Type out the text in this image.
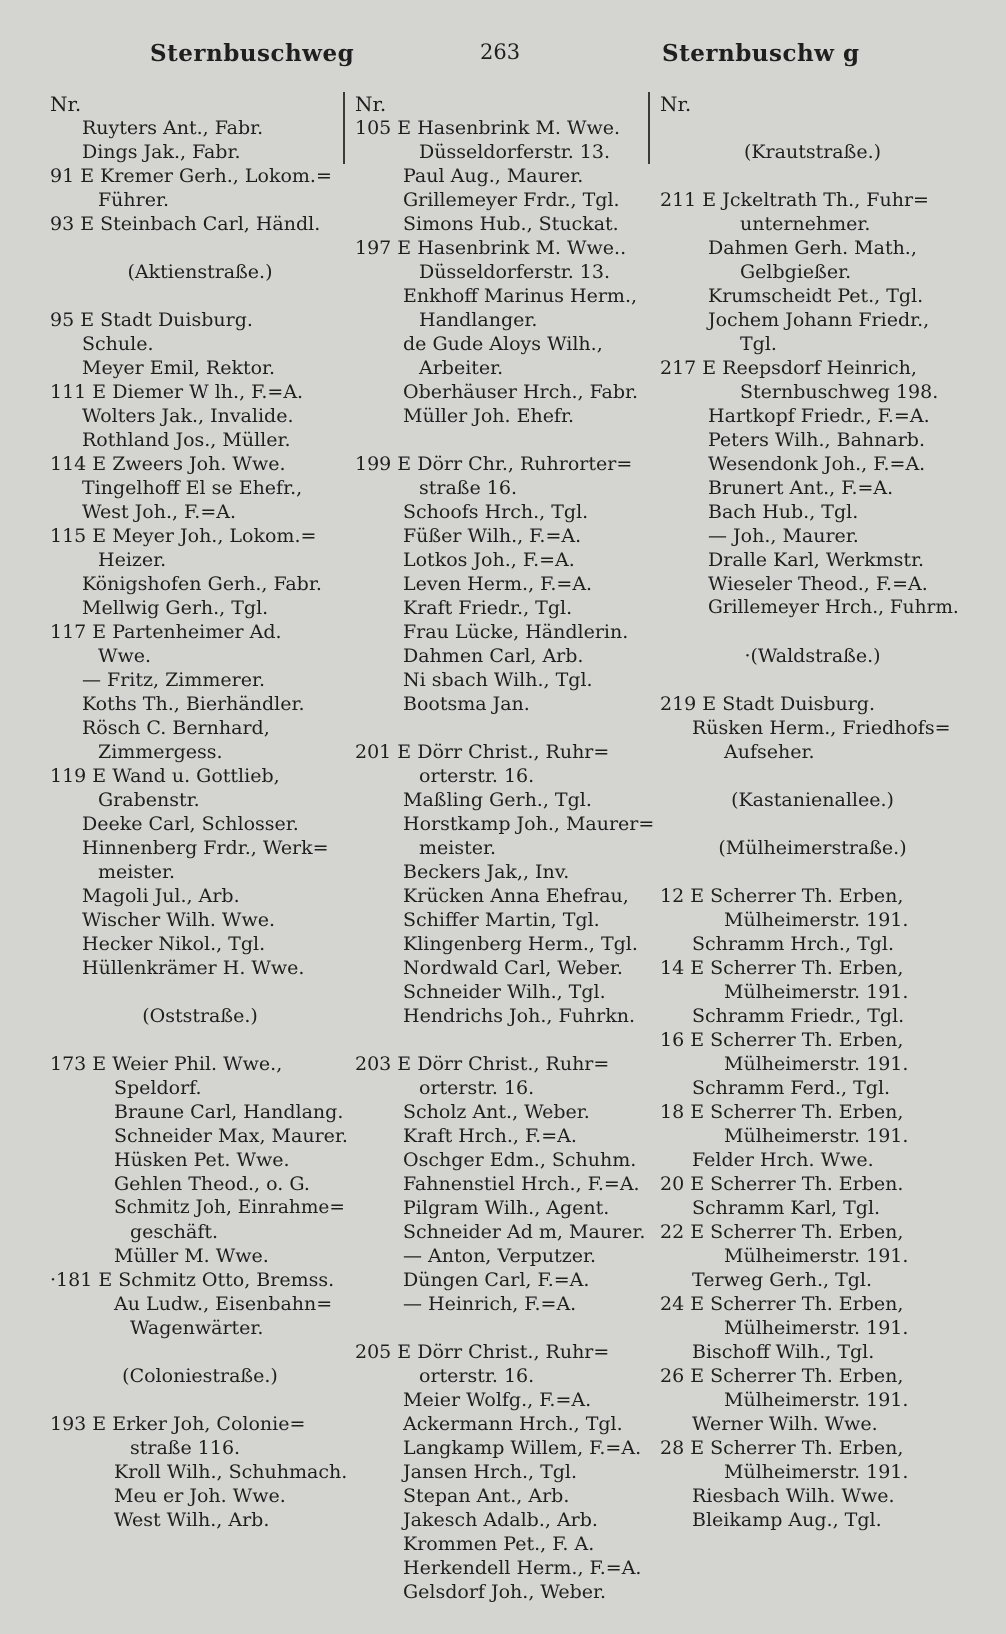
Sternbuschweg	263	Sternbuschw g
Nr.
Ruyters Ant., Fabr.
Dings Jak., Fabr.
91 E Kremer Gerh., Lokom.=
Führer.
93 E Steinbach Carl, Händl.
(Aktienstraße.)
95 E Stadt Duisburg.
Schule.
Meyer Emil, Rektor.
111 E Diemer W lh., F.=A.
Wolters Jak., Invalide.
Rothland Jos., Müller.
114 E Zweers Joh. Wwe.
Tingelhoff El se Ehefr.,
West Joh., F.=A.
115 E Meyer Joh., Lokom.=
Heizer.
Königshofen Gerh., Fabr.
Mellwig Gerh., Tgl.
117 E Partenheimer Ad.
Wwe.
— Fritz, Zimmerer.
Koths Th., Bierhändler.
Rösch C. Bernhard,
Zimmergess.
119 E Wand u. Gottlieb,
Grabenstr.
Deeke Carl, Schlosser.
Hinnenberg Frdr., Werk=
meister.
Magoli Jul., Arb.
Wischer Wilh. Wwe.
Hecker Nikol., Tgl.
Hüllenkrämer H. Wwe.
(Oststraße.)
173 E Weier Phil. Wwe.,
Speldorf.
Braune Carl, Handlang.
Schneider Max, Maurer.
Hüsken Pet. Wwe.
Gehlen Theod., o. G.
Schmitz Joh, Einrahme=
geschäft.
Müller M. Wwe.
·181 E Schmitz Otto, Bremss.
Au Ludw., Eisenbahn=
Wagenwärter.
(Coloniestraße.)
193 E Erker Joh, Colonie=
straße 116.
Kroll Wilh., Schuhmach.
Meu er Joh. Wwe.
West Wilh., Arb.
Nr.
105 E Hasenbrink M. Wwe.
Düsseldorferstr. 13.
Paul Aug., Maurer.
Grillemeyer Frdr., Tgl.
Simons Hub., Stuckat.
197 E Hasenbrink M. Wwe..
Düsseldorferstr. 13.
Enkhoff Marinus Herm.,
Handlanger.
de Gude Aloys Wilh.,
Arbeiter.
Oberhäuser Hrch., Fabr.
Müller Joh. Ehefr.
199 E Dörr Chr., Ruhrorter=
straße 16.
Schoofs Hrch., Tgl.
Füßer Wilh., F.=A.
Lotkos Joh., F.=A.
Leven Herm., F.=A.
Kraft Friedr., Tgl.
Frau Lücke, Händlerin.
Dahmen Carl, Arb.
Ni sbach Wilh., Tgl.
Bootsma Jan.
201 E Dörr Christ., Ruhr=
orterstr. 16.
Maßling Gerh., Tgl.
Horstkamp Joh., Maurer=
meister.
Beckers Jak,, Inv.
Krücken Anna Ehefrau,
Schiffer Martin, Tgl.
Klingenberg Herm., Tgl.
Nordwald Carl, Weber.
Schneider Wilh., Tgl.
Hendrichs Joh., Fuhrkn.
203 E Dörr Christ., Ruhr=
orterstr. 16.
Scholz Ant., Weber.
Kraft Hrch., F.=A.
Oschger Edm., Schuhm.
Fahnenstiel Hrch., F.=A.
Pilgram Wilh., Agent.
Schneider Ad m, Maurer.
— Anton, Verputzer.
Düngen Carl, F.=A.
— Heinrich, F.=A.
205 E Dörr Christ., Ruhr=
orterstr. 16.
Meier Wolfg., F.=A.
Ackermann Hrch., Tgl.
Langkamp Willem, F.=A.
Jansen Hrch., Tgl.
Stepan Ant., Arb.
Jakesch Adalb., Arb.
Krommen Pet., F. A.
Herkendell Herm., F.=A.
Gelsdorf Joh., Weber.
Nr.
(Krautstraße.)
211 E Jckeltrath Th., Fuhr=
unternehmer.
Dahmen Gerh. Math.,
Gelbgießer.
Krumscheidt Pet., Tgl.
Jochem Johann Friedr.,
Tgl.
217 E Reepsdorf Heinrich,
Sternbuschweg 198.
Hartkopf Friedr., F.=A.
Peters Wilh., Bahnarb.
Wesendonk Joh., F.=A.
Brunert Ant., F.=A.
Bach Hub., Tgl.
— Joh., Maurer.
Dralle Karl, Werkmstr.
Wieseler Theod., F.=A.
Grillemeyer Hrch., Fuhrm.
·(Waldstraße.)
219 E Stadt Duisburg.
Rüsken Herm., Friedhofs=
Aufseher.
(Kastanienallee.)
(Mülheimerstraße.)
12 E Scherrer Th. Erben,
Mülheimerstr. 191.
Schramm Hrch., Tgl.
14 E Scherrer Th. Erben,
Mülheimerstr. 191.
Schramm Friedr., Tgl.
16 E Scherrer Th. Erben,
Mülheimerstr. 191.
Schramm Ferd., Tgl.
18 E Scherrer Th. Erben,
Mülheimerstr. 191.
Felder Hrch. Wwe.
20 E Scherrer Th. Erben.
Schramm Karl, Tgl.
22 E Scherrer Th. Erben,
Mülheimerstr. 191.
Terweg Gerh., Tgl.
24 E Scherrer Th. Erben,
Mülheimerstr. 191.
Bischoff Wilh., Tgl.
26 E Scherrer Th. Erben,
Mülheimerstr. 191.
Werner Wilh. Wwe.
28 E Scherrer Th. Erben,
Mülheimerstr. 191.
Riesbach Wilh. Wwe.
Bleikamp Aug., Tgl.
